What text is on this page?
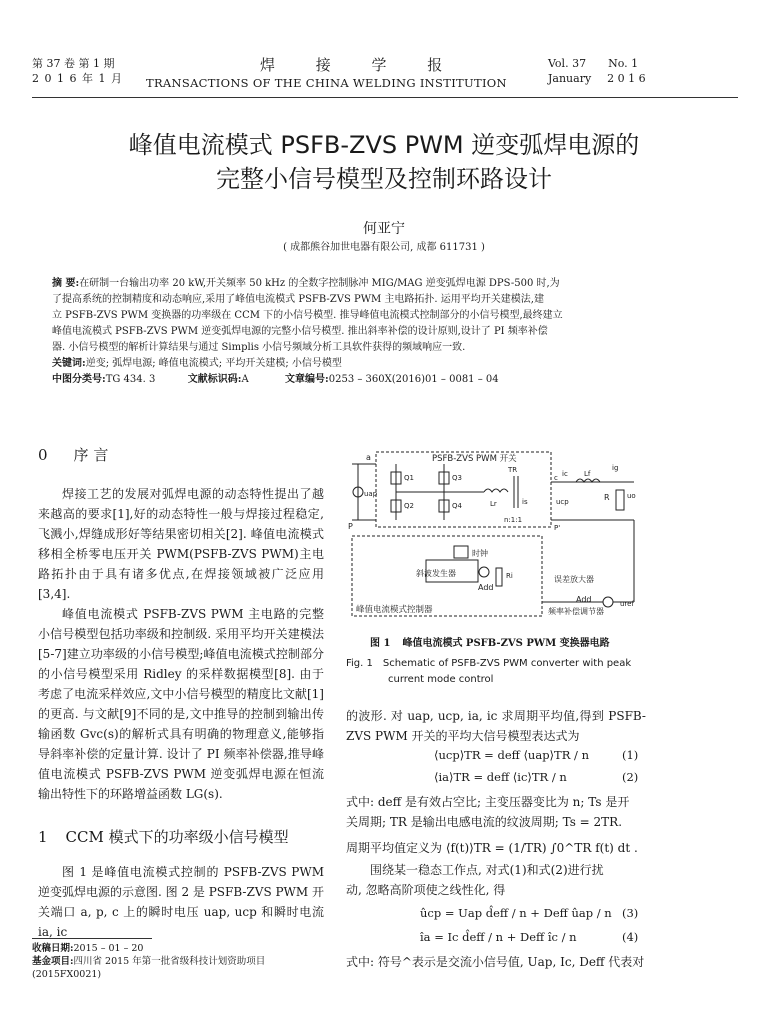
第 37 卷 第 1 期
2 0 1 6 年 1 月
焊 接 学 报
TRANSACTIONS OF THE CHINA WELDING INSTITUTION
Vol. 37 No. 1
January 2 0 1 6
峰值电流模式 PSFB-ZVS PWM 逆变弧焊电源的
完整小信号模型及控制环路设计
何亚宁
( 成都熊谷加世电器有限公司, 成都 611731 )
摘 要:在研制一台输出功率 20 kW,开关频率 50 kHz 的全数字控制脉冲 MIG/MAG 逆变弧焊电源 DPS-500 时,为
了提高系统的控制精度和动态响应,采用了峰值电流模式 PSFB-ZVS PWM 主电路拓扑. 运用平均开关建模法,建
立 PSFB-ZVS PWM 变换器的功率级在 CCM 下的小信号模型. 推导峰值电流模式控制部分的小信号模型,最终建立
峰值电流模式 PSFB-ZVS PWM 逆变弧焊电源的完整小信号模型. 推出斜率补偿的设计原则,设计了 PI 频率补偿
器. 小信号模型的解析计算结果与通过 Simplis 小信号频域分析工具软件获得的频域响应一致.
关键词:逆变; 弧焊电源; 峰值电流模式; 平均开关建模; 小信号模型
中图分类号:TG 434. 3	文献标识码:A	文章编号:0253 – 360X(2016)01 – 0081 – 04
0 序 言

焊接工艺的发展对弧焊电源的动态特性提出了越来越高的要求[1],好的动态特性一般与焊接过程稳定,飞溅小,焊缝成形好等结果密切相关[2]. 峰值电流模式移相全桥零电压开关 PWM(PSFB-ZVS PWM)主电路拓扑由于具有诸多优点,在焊接领域被广泛应用[3,4].

峰值电流模式 PSFB-ZVS PWM 主电路的完整小信号模型包括功率级和控制级. 采用平均开关建模法[5-7]建立功率级的小信号模型;峰值电流模式控制部分的小信号模型采用 Ridley 的采样数据模型[8]. 由于考虑了电流采样效应,文中小信号模型的精度比文献[1]的更高. 与文献[9]不同的是,文中推导的控制到输出传输函数 Gvc(s)的解析式具有明确的物理意义,能够指导斜率补偿的定量计算. 设计了 PI 频率补偿器,推导峰值电流模式 PSFB-ZVS PWM 逆变弧焊电源在恒流输出特性下的环路增益函数 LG(s).

1 CCM 模式下的功率级小信号模型

图 1 是峰值电流模式控制的 PSFB-ZVS PWM 逆变弧焊电源的示意图. 图 2 是 PSFB-ZVS PWM 开关端口 a, p, c 上的瞬时电压 uap, ucp 和瞬时电流 ia, ic

收稿日期:2015 – 01 – 20
基金项目:四川省 2015 年第一批省级科技计划资助项目(2015FX0021)
PSFB-ZVS PWM 开关
P
a
uap
Q1
Q2
Q3
Q4	Lr
TR
n:1:1
is
Lf
ic
ig
c
ucp
P'
R uo
峰值电流模式控制器
斜波发生器
时钟
Add
Ri	误差放大器
Add
频率补偿调节器
uref
图 1 峰值电流模式 PSFB-ZVS PWM 变换器电路
Fig. 1 Schematic of PSFB-ZVS PWM converter with peak
current mode control
的波形. 对 uap, ucp, ia, ic 求周期平均值,得到 PSFB-ZVS PWM 开关的平均大信号模型表达式为
⟨ucp⟩TR = deff ⟨uap⟩TR / n	(1)
⟨ia⟩TR = deff ⟨ic⟩TR / n	(2)
式中: deff 是有效占空比; 主变压器变比为 n; Ts 是开
关周期; TR 是输出电感电流的纹波周期; Ts = 2TR.
周期平均值定义为 ⟨f(t)⟩TR = (1/TR) ∫0^TR f(t) dt .
围绕某一稳态工作点, 对式(1)和式(2)进行扰
动, 忽略高阶项使之线性化, 得
ûcp = Uap d̂eff / n + Deff ûap / n (3)
îa = Ic d̂eff / n + Deff îc / n	(4)
式中: 符号^表示是交流小信号值, Uap, Ic, Deff 代表对
